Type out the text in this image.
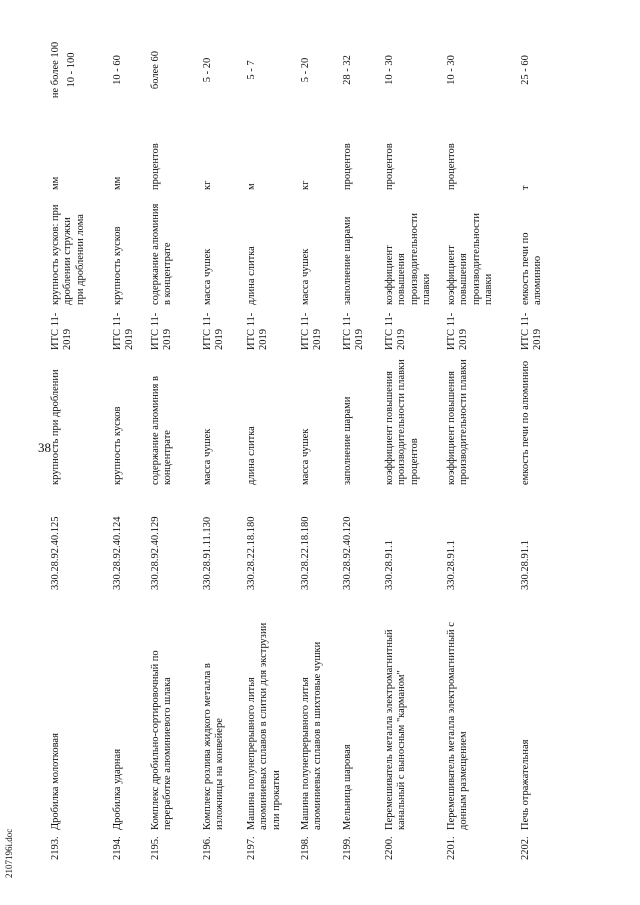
38
2193.
Дробилка молотковая
330.28.92.40.125
крупность при дроблении
ИТС 11-2019
крупность кусков: при дроблении стружки при дроблении лома
мм
не более 100 10 - 100
2194.
Дробилка ударная
330.28.92.40.124
крупность кусков
ИТС 11-2019
крупность кусков
мм
10 - 60
2195.
Комплекс дробильно-сортировочный по переработке алюминиевого шлака
330.28.92.40.129
содержание алюминия в концентрате
ИТС 11-2019
содержание алюминия в концентрате
процентов
более 60
2196.
Комплекс розлива жидкого металла в изложницы на конвейере
330.28.91.11.130
масса чушек
ИТС 11-2019
масса чушек
кг
5 - 20
2197.
Машина полунепрерывного литья алюминиевых сплавов в слитки для экструзии или прокатки
330.28.22.18.180
длина слитка
ИТС 11-2019
длина слитка
м
5 - 7
2198.
Машина полунепрерывного литья алюминиевых сплавов в шихтовые чушки
330.28.22.18.180
масса чушек
ИТС 11-2019
масса чушек
кг
5 - 20
2199.
Мельница шаровая
330.28.92.40.120
заполнение шарами
ИТС 11-2019
заполнение шарами
процентов
28 - 32
2200.
Перемешиватель металла электромагнитный канальный с выносным "карманом"
330.28.91.1
коэффициент повышения производительности плавки процентов
ИТС 11-2019
коэффициент повышения производительности плавки
процентов
10 - 30
2201.
Перемешиватель металла электромагнитный с донным размещением
330.28.91.1
коэффициент повышения производительности плавки
ИТС 11-2019
коэффициент повышения производительности плавки
процентов
10 - 30
2202.
Печь отражательная
330.28.91.1
емкость печи по алюминию
ИТС 11-2019
емкость печи по алюминию
т
25 - 60
2107196i.doc
